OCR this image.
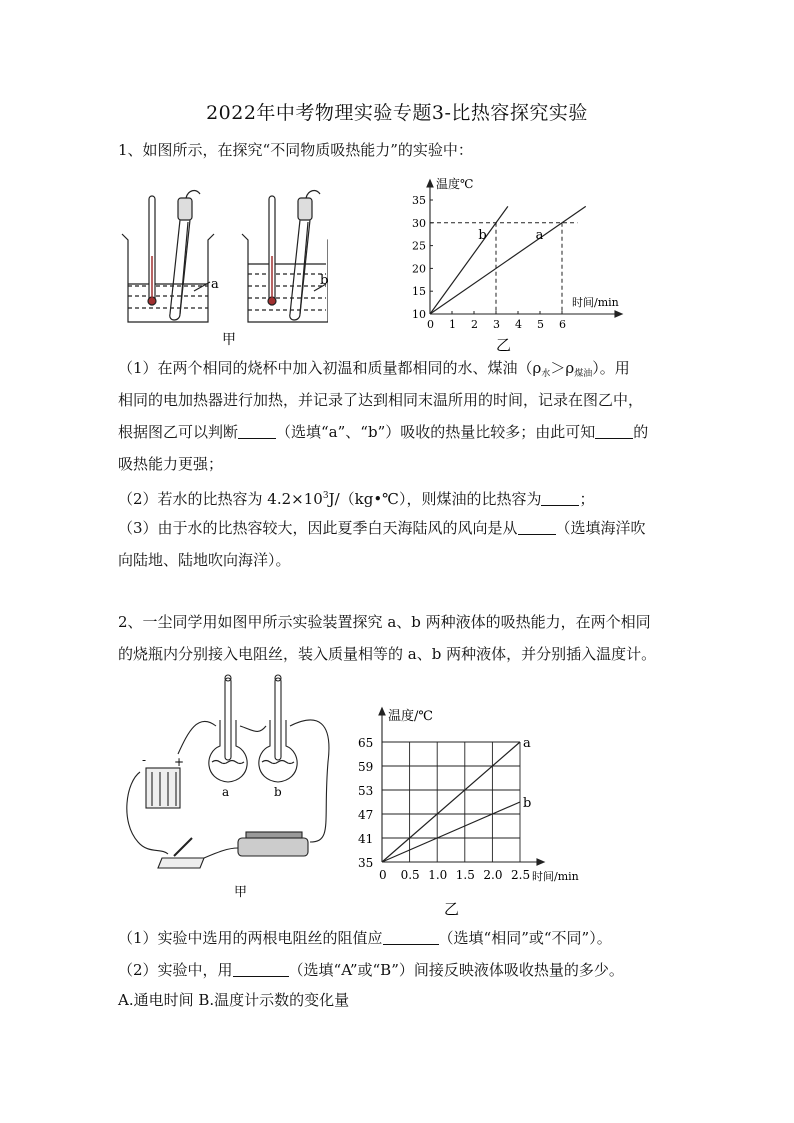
2022年中考物理实验专题3-比热容探究实验
1、如图所示，在探究“不同物质吸热能力”的实验中：
a	b
甲
温度℃
时间/min
0 1 2 3 4 5 6
10
15
20
25
30
35
b	a
乙
（1）在两个相同的烧杯中加入初温和质量都相同的水、煤油$(\rho_水>\rho_{煤油})$。用
相同的电加热器进行加热，并记录了达到相同末温所用的时间，记录在图乙中，
根据图乙可以判断	（选填“a”、“b”）吸收的热量比较多；由此可知	的
吸热能力更强；
（2）若水的比热容为 $4.2\times 10^3J/(kg•℃)$，则煤油的比热容为	；
（3）由于水的比热容较大，因此夏季白天海陆风的风向是从	（选填海洋吹
向陆地、陆地吹向海洋）。
2、一尘同学用如图甲所示实验装置探究 a、b 两种液体的吸热能力，在两个相同
的烧瓶内分别接入电阻丝，装入质量相等的 a、b 两种液体，并分别插入温度计。
- +
a	b
甲
温度/℃
时间/min
0 0.5 1.0 1.5 2.0 2.5
35
41
47
53
59
65	a
b
乙
（1）实验中选用的两根电阻丝的阻值应	（选填“相同”或“不同”）。
（2）实验中，用	（选填“A”或“B”）间接反映液体吸收热量的多少。
A.通电时间 B.温度计示数的变化量
